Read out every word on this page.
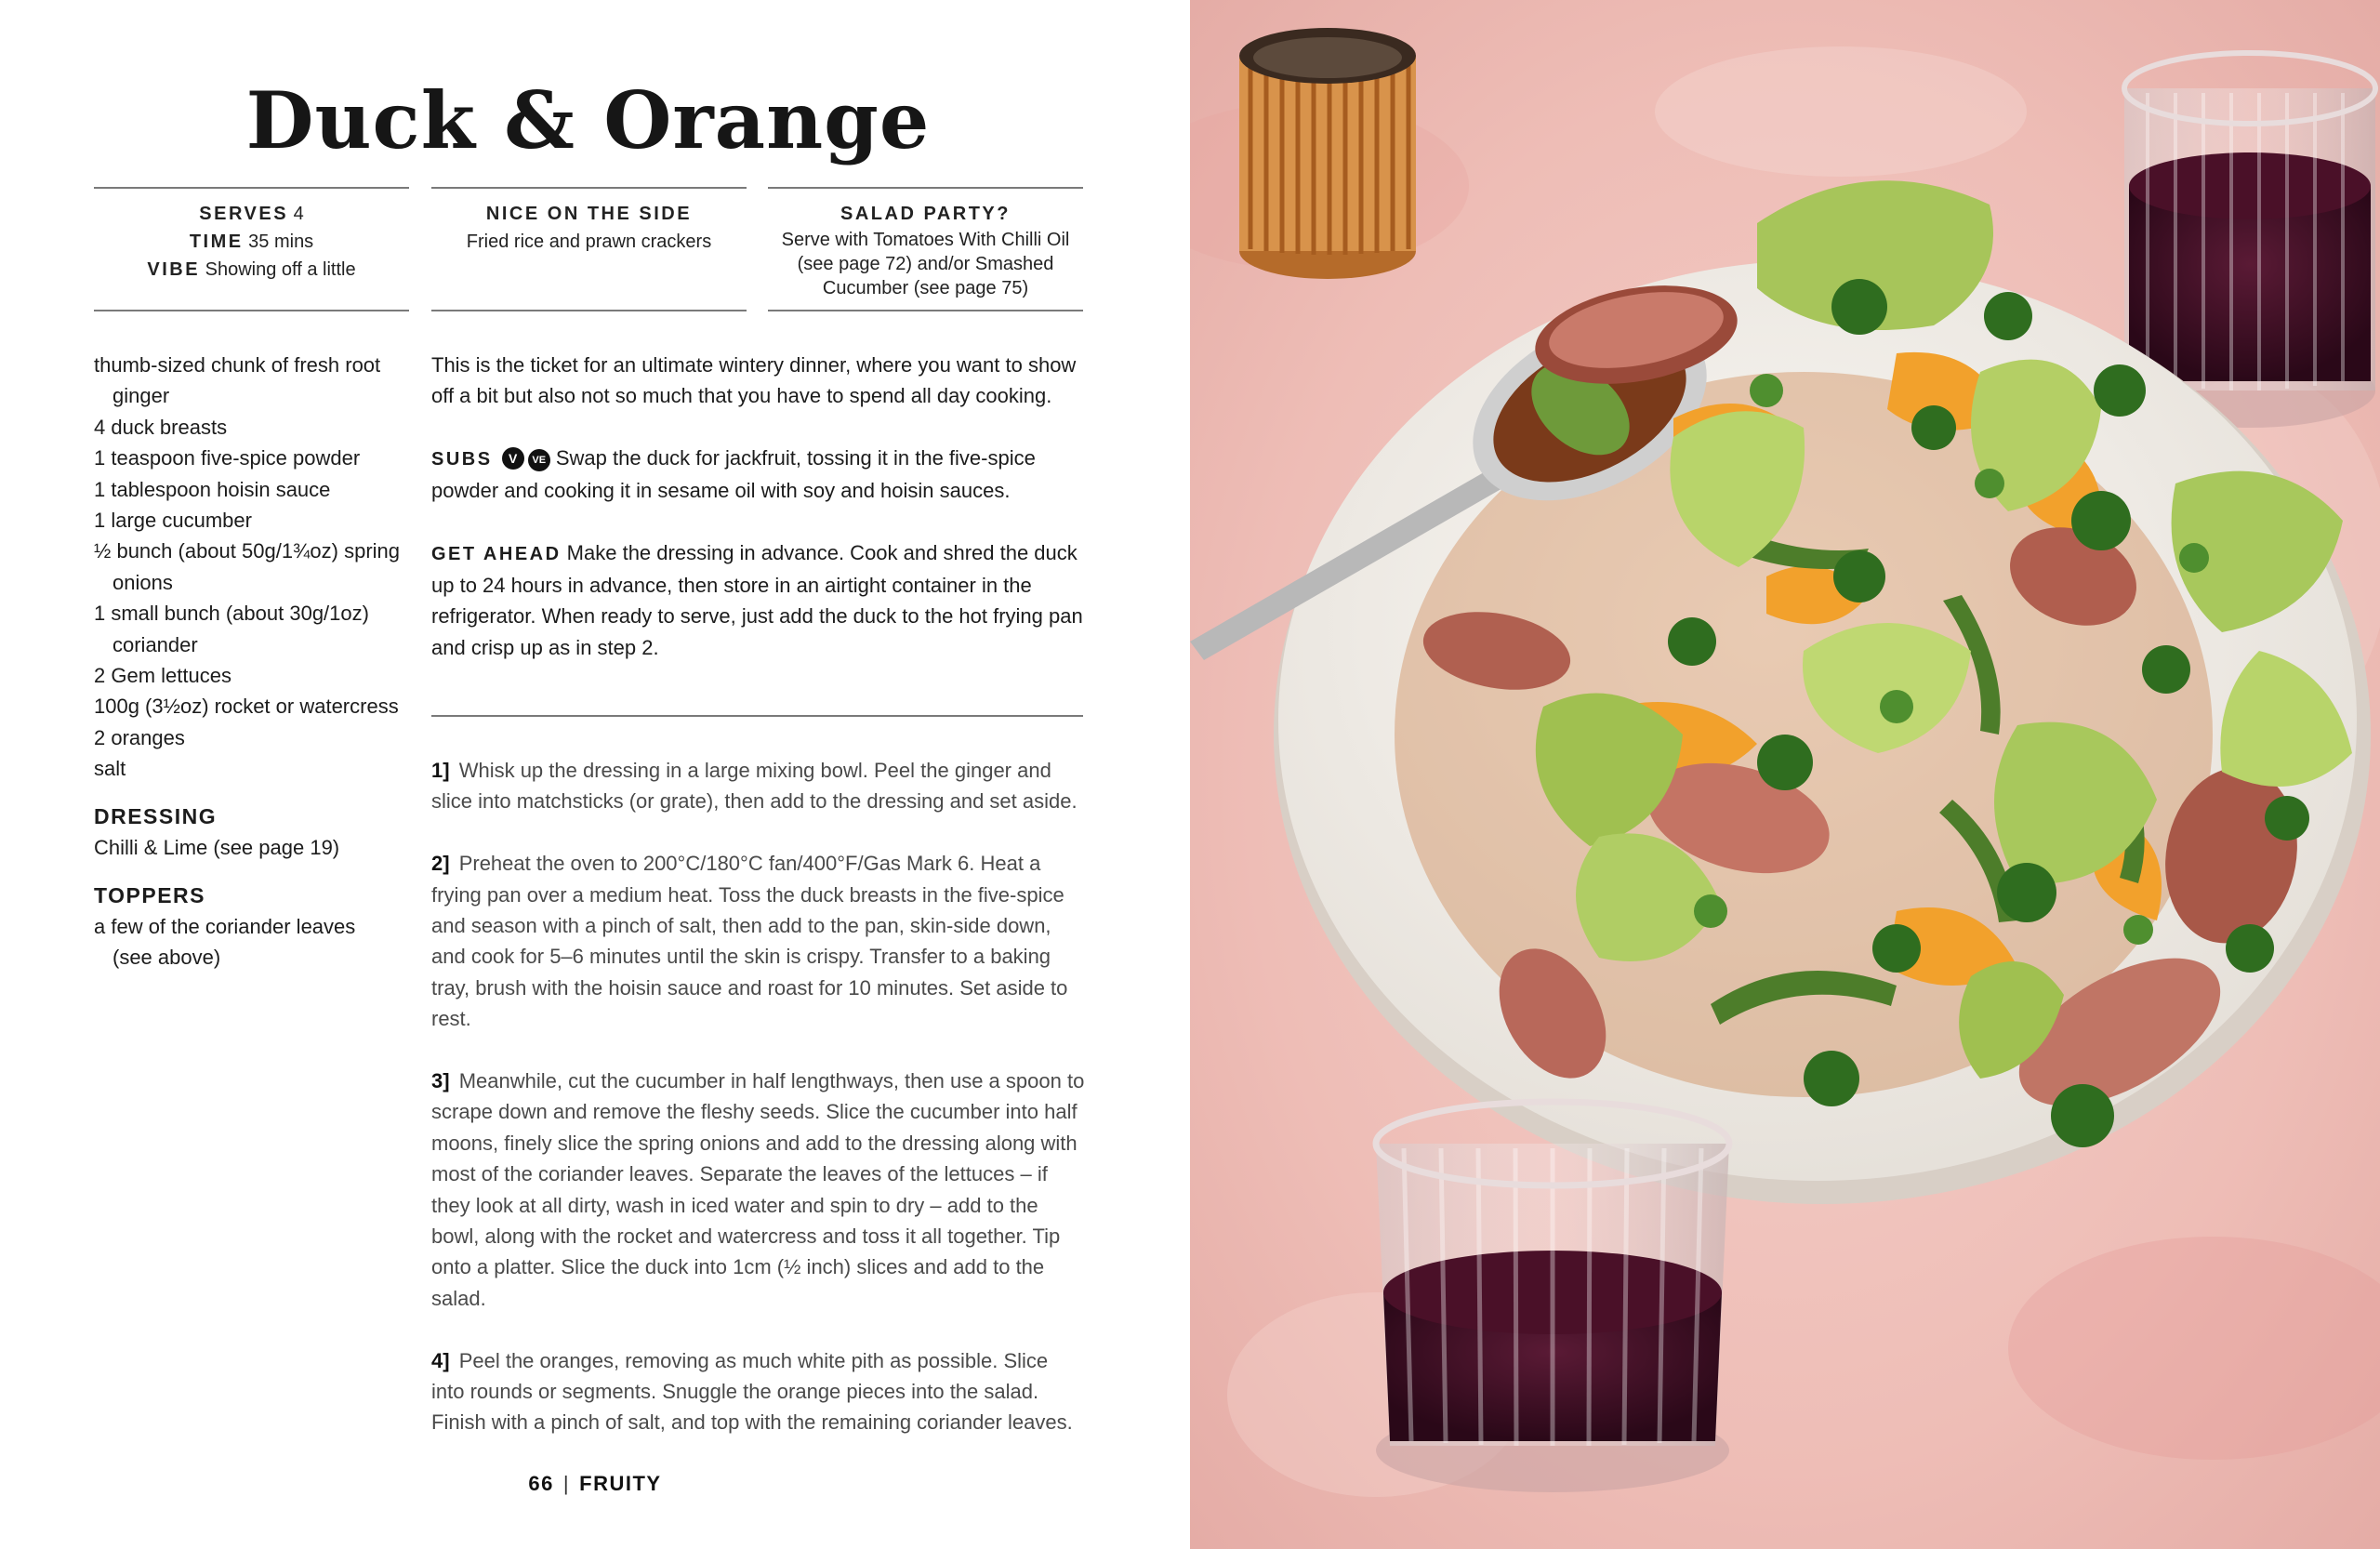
Duck & Orange
SERVES 4
TIME 35 mins
VIBE Showing off a little
NICE ON THE SIDE
Fried rice and prawn crackers
SALAD PARTY?
Serve with Tomatoes With Chilli Oil (see page 72) and/or Smashed Cucumber (see page 75)
thumb-sized chunk of fresh root ginger
4 duck breasts
1 teaspoon five-spice powder
1 tablespoon hoisin sauce
1 large cucumber
½ bunch (about 50g/1¾oz) spring onions
1 small bunch (about 30g/1oz) coriander
2 Gem lettuces
100g (3½oz) rocket or watercress
2 oranges
salt
DRESSING
Chilli & Lime (see page 19)
TOPPERS
a few of the coriander leaves (see above)

This is the ticket for an ultimate wintery dinner, where you want to show off a bit but also not so much that you have to spend all day cooking.

SUBS V VE Swap the duck for jackfruit, tossing it in the five-spice powder and cooking it in sesame oil with soy and hoisin sauces.

GET AHEAD Make the dressing in advance. Cook and shred the duck up to 24 hours in advance, then store in an airtight container in the refrigerator. When ready to serve, just add the duck to the hot frying pan and crisp up as in step 2.

1] Whisk up the dressing in a large mixing bowl. Peel the ginger and slice into matchsticks (or grate), then add to the dressing and set aside.
2] Preheat the oven to 200°C/180°C fan/400°F/Gas Mark 6. Heat a frying pan over a medium heat. Toss the duck breasts in the five-spice and season with a pinch of salt, then add to the pan, skin-side down, and cook for 5–6 minutes until the skin is crispy. Transfer to a baking tray, brush with the hoisin sauce and roast for 10 minutes. Set aside to rest.
3] Meanwhile, cut the cucumber in half lengthways, then use a spoon to scrape down and remove the fleshy seeds. Slice the cucumber into half moons, finely slice the spring onions and add to the dressing along with most of the coriander leaves. Separate the leaves of the lettuces – if they look at all dirty, wash in iced water and spin to dry – add to the bowl, along with the rocket and watercress and toss it all together. Tip onto a platter. Slice the duck into 1cm (½ inch) slices and add to the salad.
4] Peel the oranges, removing as much white pith as possible. Slice into rounds or segments. Snuggle the orange pieces into the salad. Finish with a pinch of salt, and top with the remaining coriander leaves.
66 | FRUITY
